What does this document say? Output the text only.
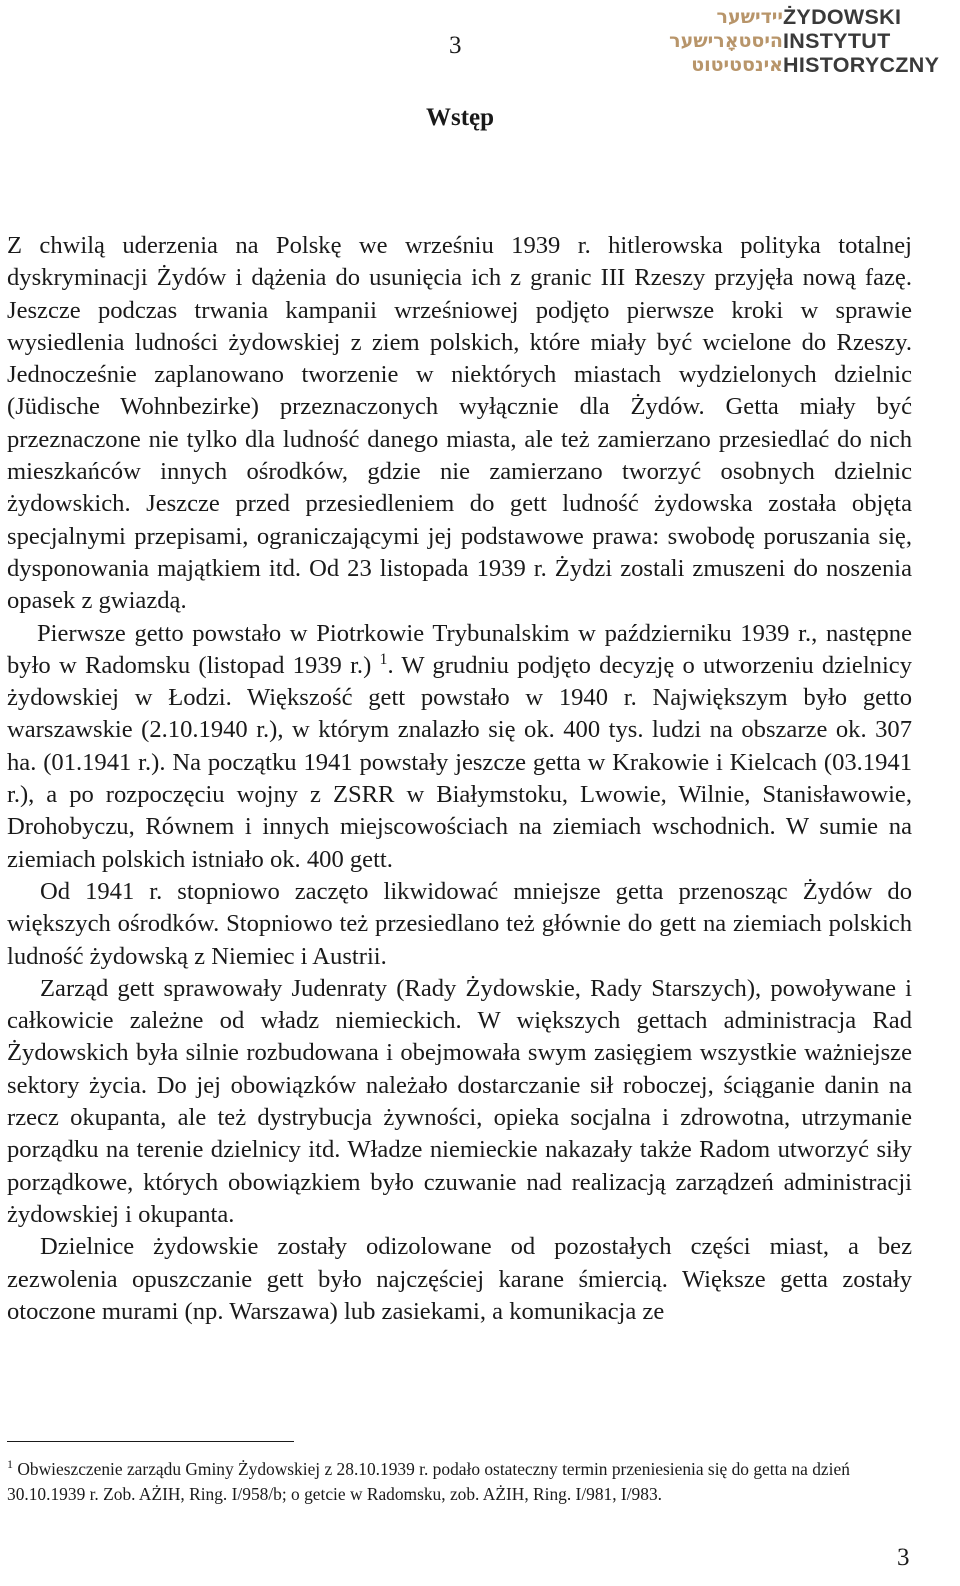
3
יידישער
היסטאָרישער
אינסטיטוט
ŻYDOWSKI
INSTYTUT
HISTORYCZNY
Wstęp

Z chwilą uderzenia na Polskę we wrześniu 1939 r. hitlerowska polityka totalnej dyskryminacji Żydów i dążenia do usunięcia ich z granic III Rzeszy przyjęła nową fazę. Jeszcze podczas trwania kampanii wrześniowej podjęto pierwsze kroki w sprawie wysiedlenia ludności żydowskiej z ziem polskich, które miały być wcielone do Rzeszy. Jednocześnie zaplanowano tworzenie w niektórych miastach wydzielonych dzielnic (Jüdische Wohnbezirke) przeznaczonych wyłącznie dla Żydów. Getta miały być przeznaczone nie tylko dla ludność danego miasta, ale też zamierzano przesiedlać do nich mieszkańców innych ośrodków, gdzie nie zamierzano tworzyć osobnych dzielnic żydowskich. Jeszcze przed przesiedleniem do gett ludność żydowska została objęta specjalnymi przepisami, ograniczającymi jej podstawowe prawa: swobodę poruszania się, dysponowania majątkiem itd. Od 23 listopada 1939 r. Żydzi zostali zmuszeni do noszenia opasek z gwiazdą.

Pierwsze getto powstało w Piotrkowie Trybunalskim w październiku 1939 r., następne było w Radomsku (listopad 1939 r.) $^1$. W grudniu podjęto decyzję o utworzeniu dzielnicy żydowskiej w Łodzi. Większość gett powstało w 1940 r. Największym było getto warszawskie (2.10.1940 r.), w którym znalazło się ok. 400 tys. ludzi na obszarze ok. 307 ha. (01.1941 r.). Na początku 1941 powstały jeszcze getta w Krakowie i Kielcach (03.1941 r.), a po rozpoczęciu wojny z ZSRR w Białymstoku, Lwowie, Wilnie, Stanisławowie, Drohobyczu, Równem i innych miejscowościach na ziemiach wschodnich. W sumie na ziemiach polskich istniało ok. 400 gett.

Od 1941 r. stopniowo zaczęto likwidować mniejsze getta przenosząc Żydów do większych ośrodków. Stopniowo też przesiedlano też głównie do gett na ziemiach polskich ludność żydowską z Niemiec i Austrii.

Zarząd gett sprawowały Judenraty (Rady Żydowskie, Rady Starszych), powoływane i całkowicie zależne od władz niemieckich. W większych gettach administracja Rad Żydowskich była silnie rozbudowana i obejmowała swym zasięgiem wszystkie ważniejsze sektory życia. Do jej obowiązków należało dostarczanie sił roboczej, ściąganie danin na rzecz okupanta, ale też dystrybucja żywności, opieka socjalna i zdrowotna, utrzymanie porządku na terenie dzielnicy itd. Władze niemieckie nakazały także Radom utworzyć siły porządkowe, których obowiązkiem było czuwanie nad realizacją zarządzeń administracji żydowskiej i okupanta.

Dzielnice żydowskie zostały odizolowane od pozostałych części miast, a bez zezwolenia opuszczanie gett było najczęściej karane śmiercią. Większe getta zostały otoczone murami (np. Warszawa) lub zasiekami, a komunikacja ze

$^1$ Obwieszczenie zarządu Gminy Żydowskiej z 28.10.1939 r. podało ostateczny termin przeniesienia się do getta na dzień 30.10.1939 r. Zob. AŻIH, Ring. I/958/b; o getcie w Radomsku, zob. AŻIH, Ring. I/981, I/983.
3
